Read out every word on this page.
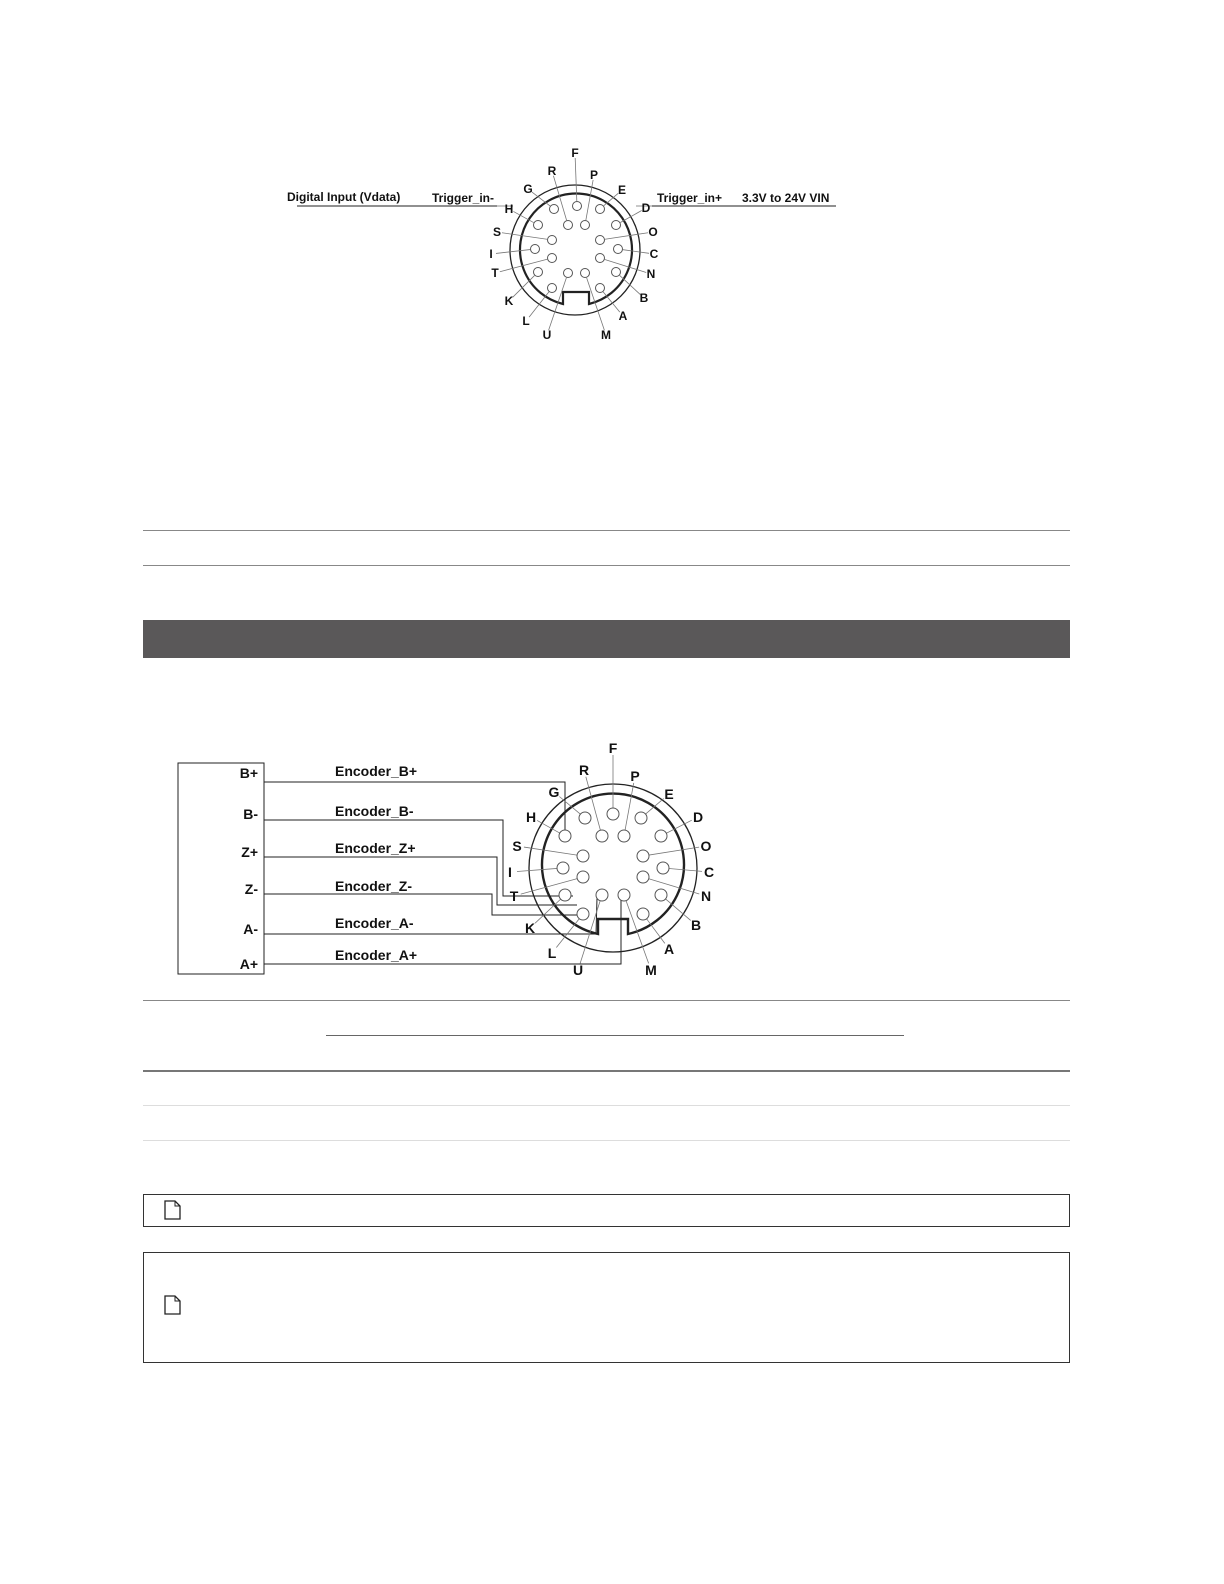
Digital Input (Vdata)	Trigger_in-	Trigger_in+ 3.3V to 24V VIN
F
R	P
G	E
H	D
S	O
I	C
T	N
K	B
L	A
U	M
Encoder_B+
Encoder_B-
Encoder_Z+
Encoder_Z-
Encoder_A-
Encoder_A+
B+
B-
Z+
Z-
A-
A+
F
R	P
G	E
H	D
S	O
I	C
T	N
K	B
L	A
U	M
